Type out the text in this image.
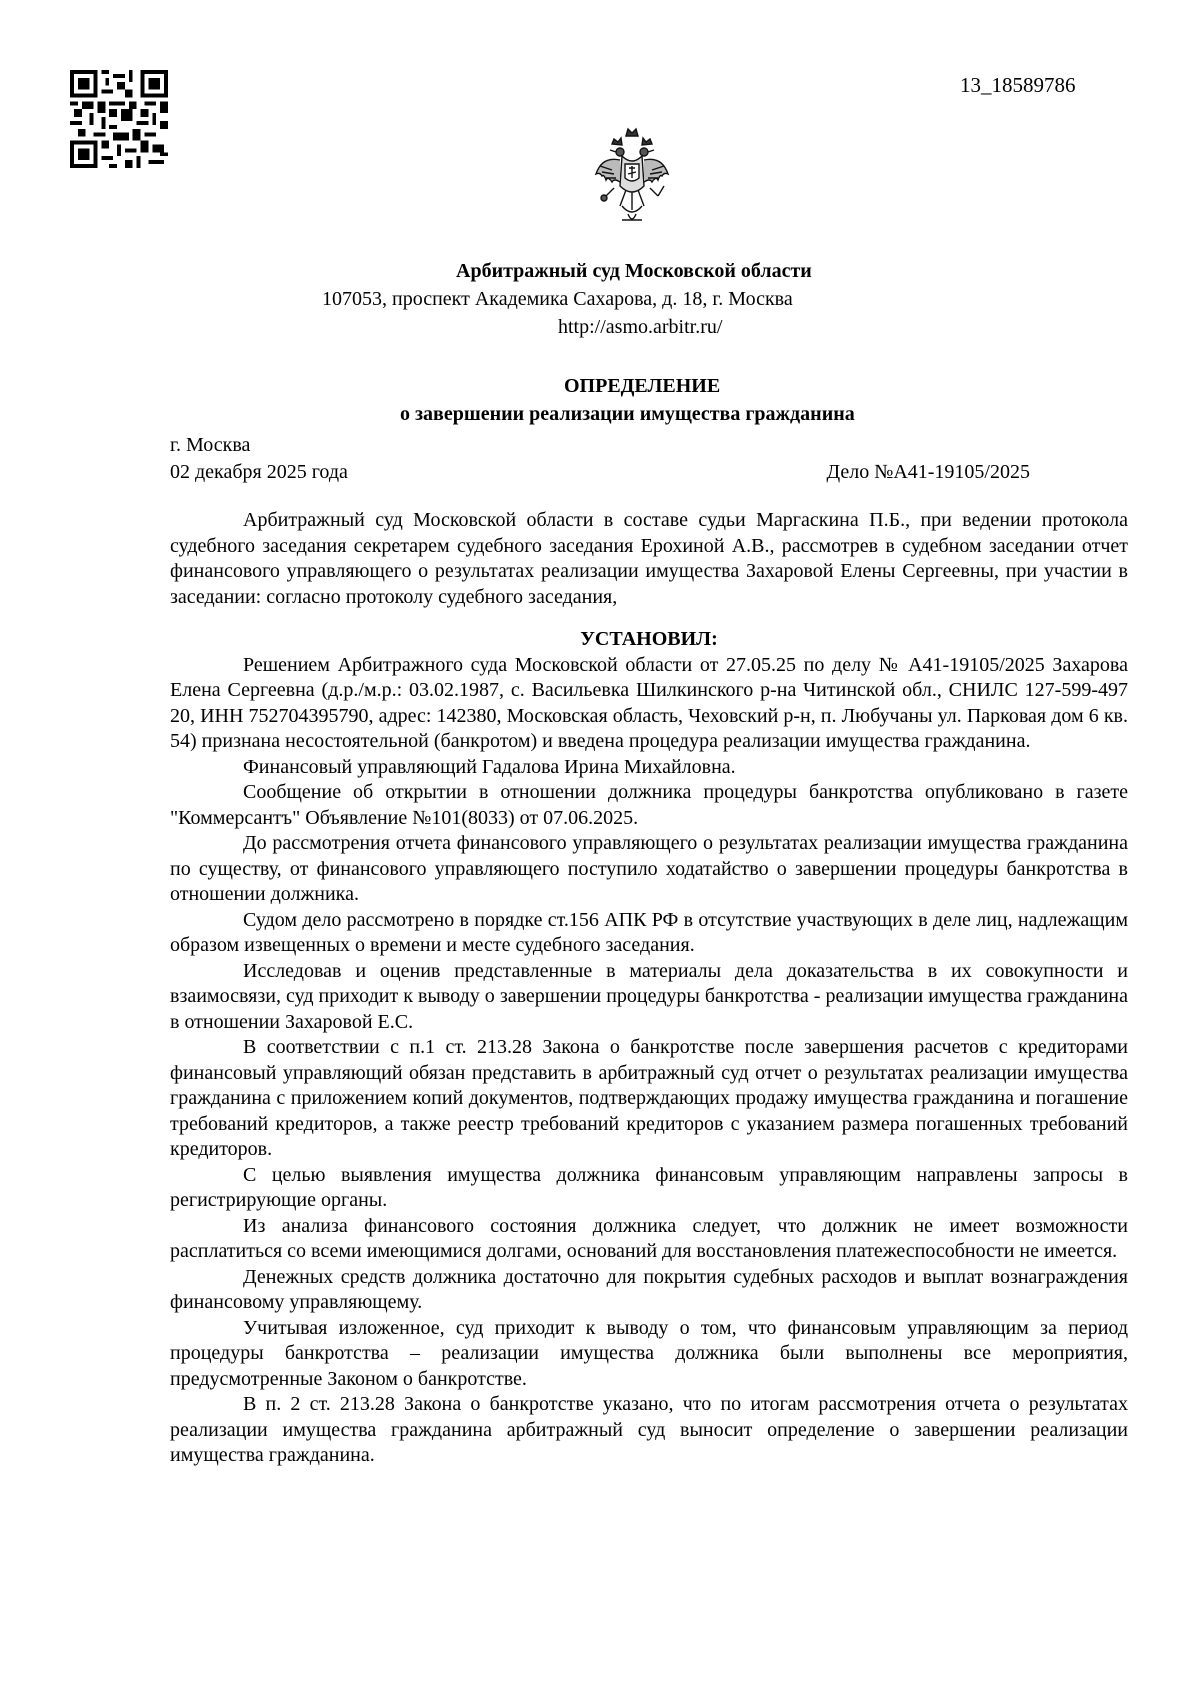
13_18589786
Арбитражный суд Московской области
107053, проспект Академика Сахарова, д. 18, г. Москва
http://asmo.arbitr.ru/
ОПРЕДЕЛЕНИЕ
о завершении реализации имущества гражданина
г. Москва
02 декабря 2025 года	Дело №А41-19105/2025

Арбитражный суд Московской области в составе судьи Маргаскина П.Б., при ведении протокола судебного заседания секретарем судебного заседания Ерохиной А.В., рассмотрев в судебном заседании отчет финансового управляющего о результатах реализации имущества Захаровой Елены Сергеевны, при участии в заседании: согласно протоколу судебного заседания,

УСТАНОВИЛ:

Решением Арбитражного суда Московской области от 27.05.25 по делу № А41-19105/2025 Захарова Елена Сергеевна (д.р./м.р.: 03.02.1987, с. Васильевка Шилкинского р-на Читинской обл., СНИЛС 127-599-497 20, ИНН 752704395790, адрес: 142380, Московская область, Чеховский р-н, п. Любучаны ул. Парковая дом 6 кв. 54) признана несостоятельной (банкротом) и введена процедура реализации имущества гражданина.

Финансовый управляющий Гадалова Ирина Михайловна.

Сообщение об открытии в отношении должника процедуры банкротства опубликовано в газете "Коммерсантъ" Объявление №101(8033) от 07.06.2025.

До рассмотрения отчета финансового управляющего о результатах реализации имущества гражданина по существу, от финансового управляющего поступило ходатайство о завершении процедуры банкротства в отношении должника.

Судом дело рассмотрено в порядке ст.156 АПК РФ в отсутствие участвующих в деле лиц, надлежащим образом извещенных о времени и месте судебного заседания.

Исследовав и оценив представленные в материалы дела доказательства в их совокупности и взаимосвязи, суд приходит к выводу о завершении процедуры банкротства - реализации имущества гражданина в отношении Захаровой Е.С.

В соответствии с п.1 ст. 213.28 Закона о банкротстве после завершения расчетов с кредиторами финансовый управляющий обязан представить в арбитражный суд отчет о результатах реализации имущества гражданина с приложением копий документов, подтверждающих продажу имущества гражданина и погашение требований кредиторов, а также реестр требований кредиторов с указанием размера погашенных требований кредиторов.

С целью выявления имущества должника финансовым управляющим направлены запросы в регистрирующие органы.

Из анализа финансового состояния должника следует, что должник не имеет возможности расплатиться со всеми имеющимися долгами, оснований для восстановления платежеспособности не имеется.

Денежных средств должника достаточно для покрытия судебных расходов и выплат вознаграждения финансовому управляющему.

Учитывая изложенное, суд приходит к выводу о том, что финансовым управляющим за период процедуры банкротства – реализации имущества должника были выполнены все мероприятия, предусмотренные Законом о банкротстве.

В п. 2 ст. 213.28 Закона о банкротстве указано, что по итогам рассмотрения отчета о результатах реализации имущества гражданина арбитражный суд выносит определение о завершении реализации имущества гражданина.
